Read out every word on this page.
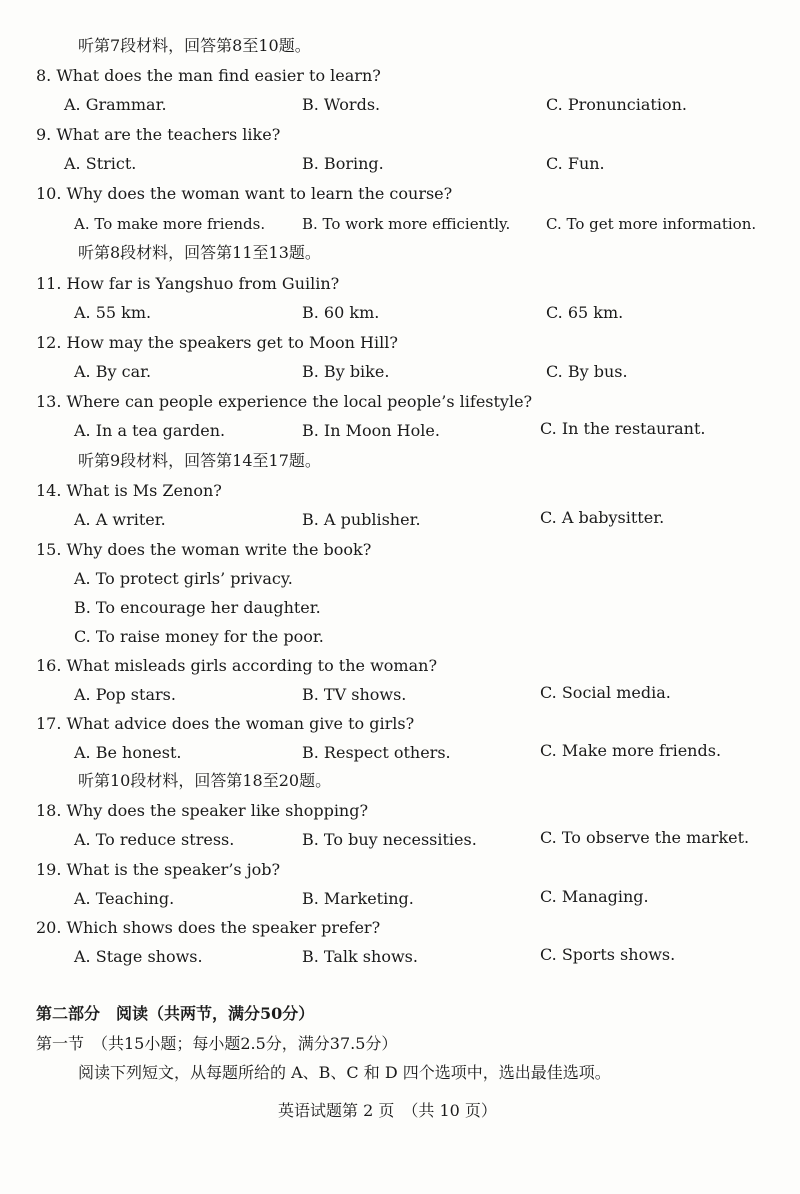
听第7段材料，回答第8至10题。
8. What does the man find easier to learn?
A. Grammar.	B. Words.	C. Pronunciation.
9. What are the teachers like?
A. Strict.	B. Boring.	C. Fun.
10. Why does the woman want to learn the course?
A. To make more friends. B. To work more efficiently. C. To get more information.
听第8段材料，回答第11至13题。
11. How far is Yangshuo from Guilin?
A. 55 km.	B. 60 km.	C. 65 km.
12. How may the speakers get to Moon Hill?
A. By car.	B. By bike.	C. By bus.
13. Where can people experience the local people’s lifestyle?
A. In a tea garden.	B. In Moon Hole.	C. In the restaurant.
听第9段材料，回答第14至17题。
14. What is Ms Zenon?
A. A writer.	B. A publisher.	C. A babysitter.
15. Why does the woman write the book?
A. To protect girls’ privacy.
B. To encourage her daughter.
C. To raise money for the poor.
16. What misleads girls according to the woman?
A. Pop stars.	B. TV shows.	C. Social media.
17. What advice does the woman give to girls?
A. Be honest.	B. Respect others.	C. Make more friends.
听第10段材料，回答第18至20题。
18. Why does the speaker like shopping?
A. To reduce stress.	B. To buy necessities.	C. To observe the market.
19. What is the speaker’s job?
A. Teaching.	B. Marketing.	C. Managing.
20. Which shows does the speaker prefer?
A. Stage shows.	B. Talk shows.	C. Sports shows.
第二部分　阅读（共两节，满分50分）
第一节　（共15小题；每小题2.5分，满分37.5分）
阅读下列短文，从每题所给的 A、B、C 和 D 四个选项中，选出最佳选项。
英语试题第 2 页　（共 10 页）
